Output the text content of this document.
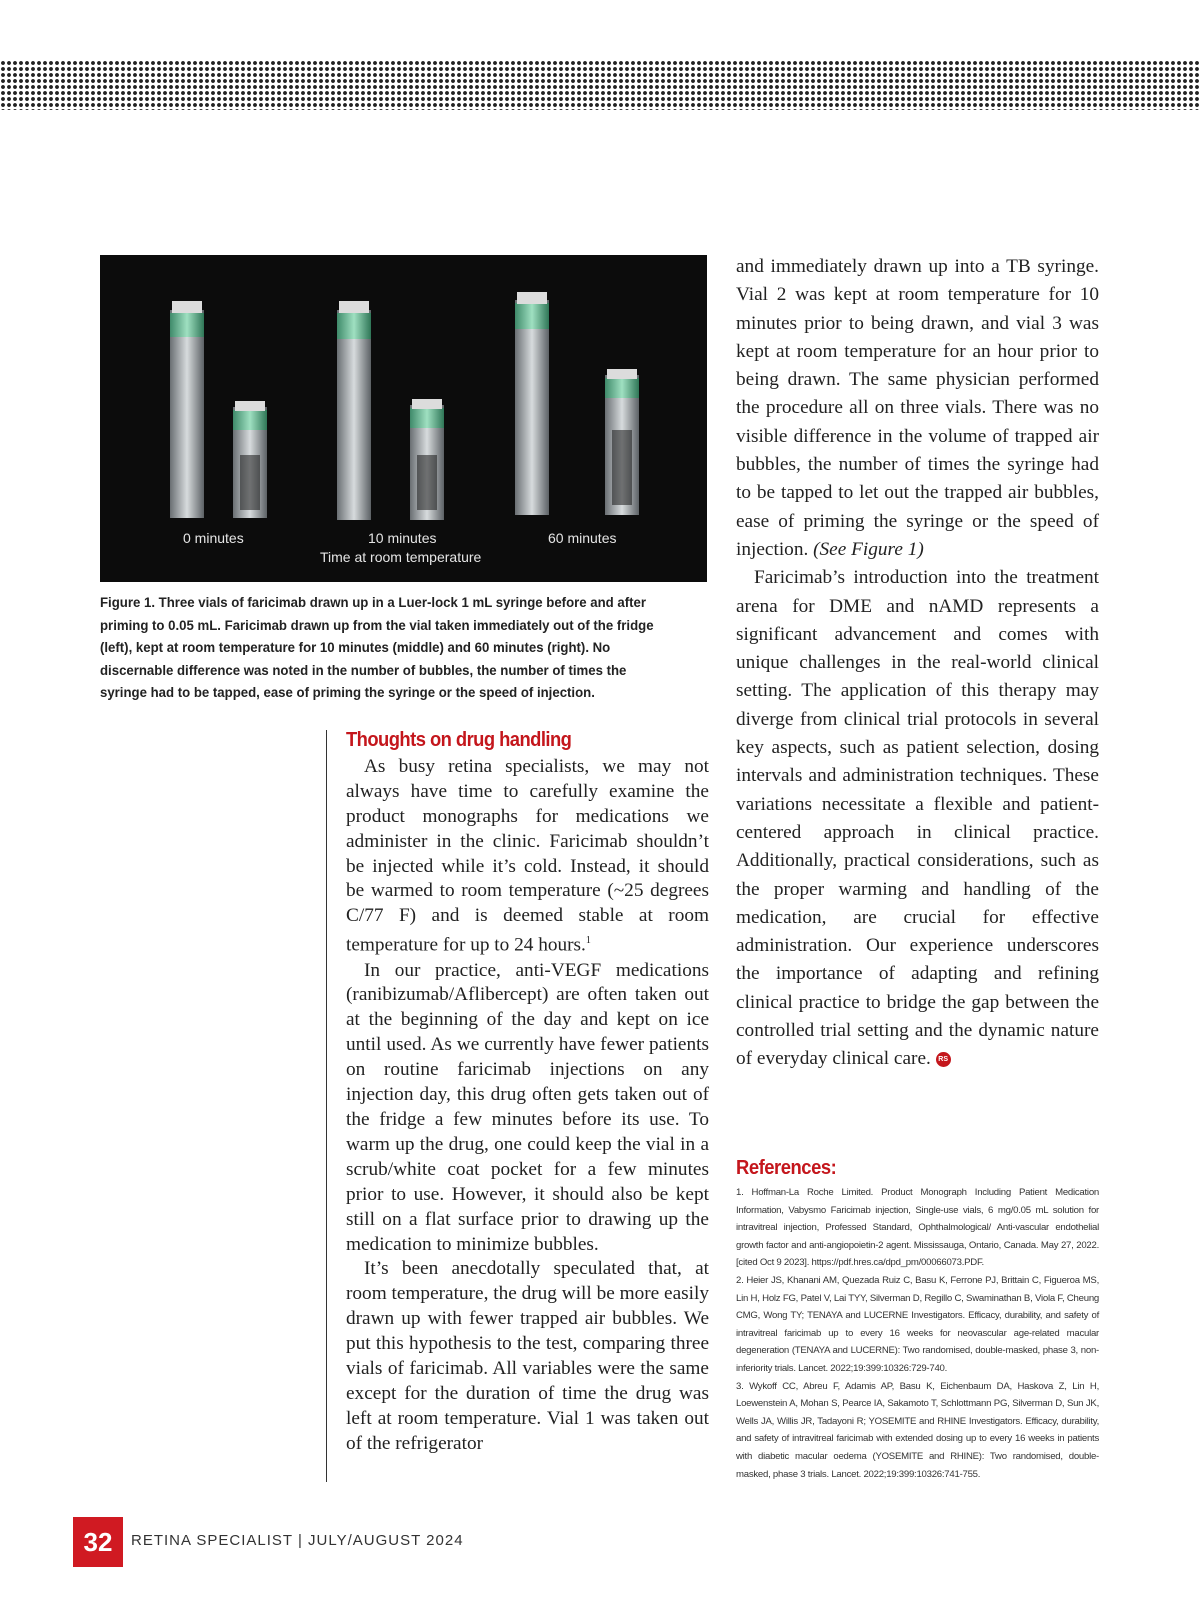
0 minutes	10 minutes	60 minutes
Time at room temperature
Figure 1. Three vials of faricimab drawn up in a Luer-lock 1 mL syringe before and after priming to 0.05 mL. Faricimab drawn up from the vial taken immediately out of the fridge (left), kept at room temperature for 10 minutes (middle) and 60 minutes (right). No discernable difference was noted in the number of bubbles, the number of times the syringe had to be tapped, ease of priming the syringe or the speed of injection.

Thoughts on drug handling

As busy retina specialists, we may not always have time to carefully examine the product monographs for medications we administer in the clinic. Faricimab shouldn’t be injected while it’s cold. Instead, it should be warmed to room temperature (~25 degrees C/77 F) and is deemed stable at room temperature for up to 24 hours.$^1$

In our practice, anti-VEGF medications (ranibizumab/Aflibercept) are often taken out at the beginning of the day and kept on ice until used. As we currently have fewer patients on routine faricimab injections on any injection day, this drug often gets taken out of the fridge a few minutes before its use. To warm up the drug, one could keep the vial in a scrub/white coat pocket for a few minutes prior to use. However, it should also be kept still on a flat surface prior to drawing up the medication to minimize bubbles.

It’s been anecdotally speculated that, at room temperature, the drug will be more easily drawn up with fewer trapped air bubbles. We put this hypothesis to the test, comparing three vials of faricimab. All variables were the same except for the duration of time the drug was left at room temperature. Vial 1 was taken out of the refrigerator

and immediately drawn up into a TB syringe. Vial 2 was kept at room temperature for 10 minutes prior to being drawn, and vial 3 was kept at room temperature for an hour prior to being drawn. The same physician performed the procedure all on three vials. There was no visible difference in the volume of trapped air bubbles, the number of times the syringe had to be tapped to let out the trapped air bubbles, ease of priming the syringe or the speed of injection. (See Figure 1)

Faricimab’s introduction into the treatment arena for DME and nAMD represents a significant advancement and comes with unique challenges in the real-world clinical setting. The application of this therapy may diverge from clinical trial protocols in several key aspects, such as patient selection, dosing intervals and administration techniques. These variations necessitate a flexible and patient-centered approach in clinical practice. Additionally, practical considerations, such as the proper warming and handling of the medication, are crucial for effective administration. Our experience underscores the importance of adapting and refining clinical practice to bridge the gap between the controlled trial setting and the dynamic nature of everyday clinical care. RS

References:

1. Hoffman-La Roche Limited. Product Monograph Including Patient Medication Information, Vabysmo Faricimab injection, Single-use vials, 6 mg/0.05 mL solution for intravitreal injection, Professed Standard, Ophthalmological/ Anti-vascular endothelial growth factor and anti-angiopoietin-2 agent. Mississauga, Ontario, Canada. May 27, 2022. [cited Oct 9 2023]. https://pdf.hres.ca/dpd_pm/00066073.PDF.

2. Heier JS, Khanani AM, Quezada Ruiz C, Basu K, Ferrone PJ, Brittain C, Figueroa MS, Lin H, Holz FG, Patel V, Lai TYY, Silverman D, Regillo C, Swaminathan B, Viola F, Cheung CMG, Wong TY; TENAYA and LUCERNE Investigators. Efficacy, durability, and safety of intravitreal faricimab up to every 16 weeks for neovascular age-related macular degeneration (TENAYA and LUCERNE): Two randomised, double-masked, phase 3, non-inferiority trials. Lancet. 2022;19:399:10326:729-740.

3. Wykoff CC, Abreu F, Adamis AP, Basu K, Eichenbaum DA, Haskova Z, Lin H, Loewenstein A, Mohan S, Pearce IA, Sakamoto T, Schlottmann PG, Silverman D, Sun JK, Wells JA, Willis JR, Tadayoni R; YOSEMITE and RHINE Investigators. Efficacy, durability, and safety of intravitreal faricimab with extended dosing up to every 16 weeks in patients with diabetic macular oedema (YOSEMITE and RHINE): Two randomised, double-masked, phase 3 trials. Lancet. 2022;19:399:10326:741-755.

32	RETINA SPECIALIST | JULY/AUGUST 2024
